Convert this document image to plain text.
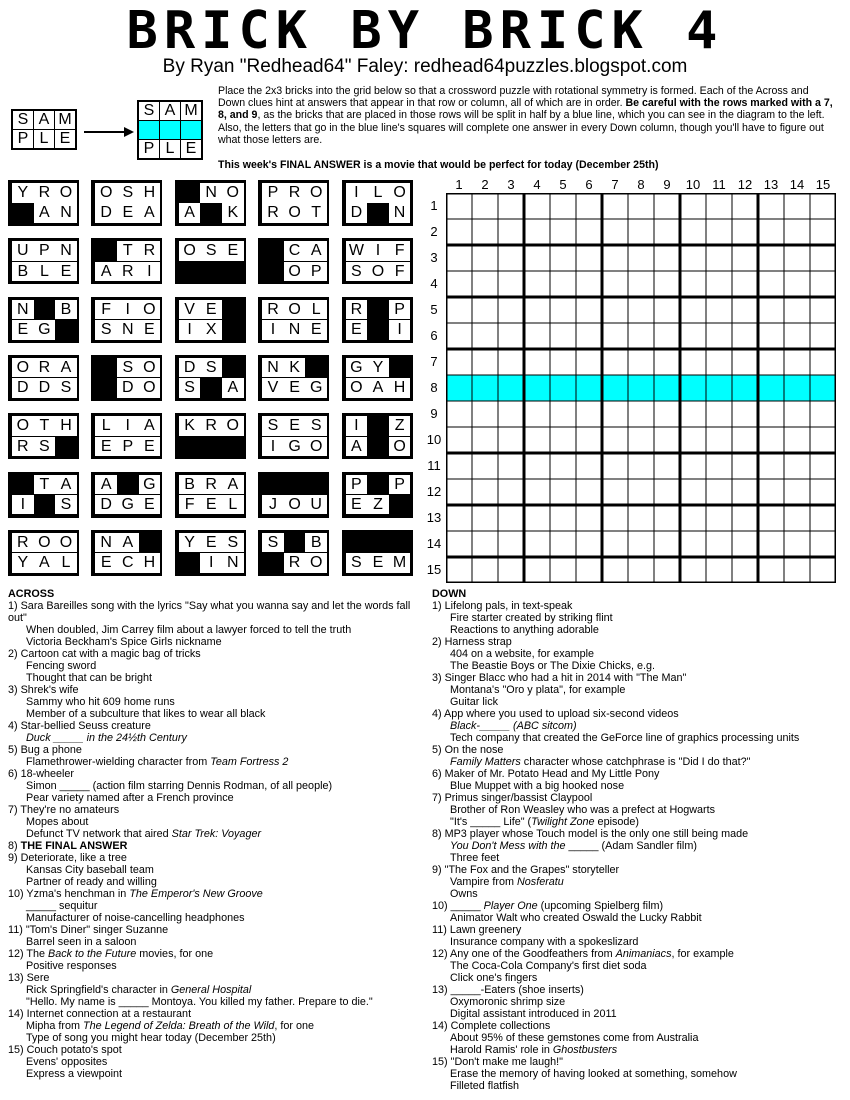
BRICK BY BRICK 4
By Ryan "Redhead64" Faley: redhead64puzzles.blogspot.com
S	A	M
P	L	E
S	A	M

P	L	E
Place the 2x3 bricks into the grid below so that a crossword puzzle with rotational symmetry is formed. Each of the Across and Down clues hint at answers that appear in that row or column, all of which are in order. Be careful with the rows marked with a 7, 8, and 9, as the bricks that are placed in those rows will be split in half by a blue line, which you can see in the diagram to the left. Also, the letters that go in the blue line's squares will complete one answer in every Down column, though you'll have to figure out what those letters are.
This week's FINAL ANSWER is a movie that would be perfect for today (December 25th)
Y R O
A N
O S H
D E A
N O
A	K
P R O
R O T
I L O
D	N
U P N
B L E
T R
A R I
O S E	C A
O P
W I F
S O F
N	B
E G
F I O
S N E
V E
I X
R O L
I N E
R	P
E	I
O R A
D D S
S O
D O
D S
S	A
N K
V E G
G Y
O A H
O T H
R S
L I A
E P E
K R O	S E S
I G O
I	Z
A	O
T A
I	S
A	G
D G E
B R A
F E L	J O U
P	P
E Z
R O O
Y A L
N A
E C H
Y E S
I N
S	B
R O	S E M
1	2	3	4	5	6	7	8	9	10 11 12 13 14 15
1
2
3
4
5
6
7
8
9
10
11
12
13
14
15
ACROSS
1) Sara Bareilles song with the lyrics "Say what you wanna say and let the words fall out"
When doubled, Jim Carrey film about a lawyer forced to tell the truth
Victoria Beckham's Spice Girls nickname
2) Cartoon cat with a magic bag of tricks
Fencing sword
Thought that can be bright
3) Shrek's wife
Sammy who hit 609 home runs
Member of a subculture that likes to wear all black
4) Star-bellied Seuss creature
Duck _____ in the 24½th Century
5) Bug a phone
Flamethrower-wielding character from Team Fortress 2
6) 18-wheeler
Simon _____ (action film starring Dennis Rodman, of all people)
Pear variety named after a French province
7) They're no amateurs
Mopes about
Defunct TV network that aired Star Trek: Voyager
8) THE FINAL ANSWER
9) Deteriorate, like a tree
Kansas City baseball team
Partner of ready and willing
10) Yzma's henchman in The Emperor's New Groove
_____ sequitur
Manufacturer of noise-cancelling headphones
11) "Tom's Diner" singer Suzanne
Barrel seen in a saloon
12) The Back to the Future movies, for one
Positive responses
13) Sere
Rick Springfield's character in General Hospital
"Hello. My name is _____ Montoya. You killed my father. Prepare to die."
14) Internet connection at a restaurant
Mipha from The Legend of Zelda: Breath of the Wild, for one
Type of song you might hear today (December 25th)
15) Couch potato's spot
Evens' opposites
Express a viewpoint
DOWN
1) Lifelong pals, in text-speak
Fire starter created by striking flint
Reactions to anything adorable
2) Harness strap
404 on a website, for example
The Beastie Boys or The Dixie Chicks, e.g.
3) Singer Blacc who had a hit in 2014 with "The Man"
Montana's "Oro y plata", for example
Guitar lick
4) App where you used to upload six-second videos
Black-_____ (ABC sitcom)
Tech company that created the GeForce line of graphics processing units
5) On the nose
Family Matters character whose catchphrase is "Did I do that?"
6) Maker of Mr. Potato Head and My Little Pony
Blue Muppet with a big hooked nose
7) Primus singer/bassist Claypool
Brother of Ron Weasley who was a prefect at Hogwarts
"It's _____ Life" (Twilight Zone episode)
8) MP3 player whose Touch model is the only one still being made
You Don't Mess with the _____ (Adam Sandler film)
Three feet
9) "The Fox and the Grapes" storyteller
Vampire from Nosferatu
Owns
10) _____ Player One (upcoming Spielberg film)
Animator Walt who created Oswald the Lucky Rabbit
11) Lawn greenery
Insurance company with a spokeslizard
12) Any one of the Goodfeathers from Animaniacs, for example
The Coca-Cola Company's first diet soda
Click one's fingers
13) _____-Eaters (shoe inserts)
Oxymoronic shrimp size
Digital assistant introduced in 2011
14) Complete collections
About 95% of these gemstones come from Australia
Harold Ramis' role in Ghostbusters
15) "Don't make me laugh!"
Erase the memory of having looked at something, somehow
Filleted flatfish
